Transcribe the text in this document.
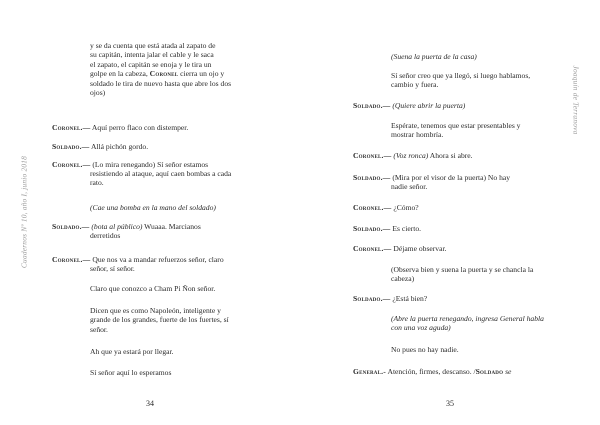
Cuadernos Nº 10, año I, junio 2018
Joaquín de Terranova
y se da cuenta que está atada al zapato de
su capitán, intenta jalar el cable y le saca
el zapato, el capitán se enoja y le tira un
golpe en la cabeza, Coronel cierra un ojo y
soldado le tira de nuevo hasta que abre los dos
ojos)
Coronel.— Aquí perro flaco con distemper.
Soldado.— Allá pichón gordo.
Coronel.— (Lo mira renegando) Sí señor estamos
resistiendo al ataque, aquí caen bombas a cada
rato.
(Cae una bomba en la mano del soldado)
Soldado.— (bota al público) Wuaaa. Marcianos
derretidos
Coronel.— Que nos va a mandar refuerzos señor, claro
señor, sí señor.
Claro que conozco a Cham Pi Ñon señor.
Dicen que es como Napoleón, inteligente y
grande de los grandes, fuerte de los fuertes, sí
señor.
Ah que ya estará por llegar.
Sí señor aquí lo esperamos
34
(Suena la puerta de la casa)
Sí señor creo que ya llegó, si luego hablamos,
cambio y fuera.
Soldado.— (Quiere abrir la puerta)
Espérate, tenemos que estar presentables y
mostrar hombría.
Coronel.— (Voz ronca) Ahora si abre.
Soldado.— (Mira por el visor de la puerta) No hay
nadie señor.
Coronel.— ¿Cómo?
Soldado.— Es cierto.
Coronel.— Déjame observar.
(Observa bien y suena la puerta y se chancla la
cabeza)
Soldado.— ¿Está bien?
(Abre la puerta renegando, ingresa General habla
con una voz aguda)
No pues no hay nadie.
General.- Atención, firmes, descanso. /Soldado se
35
